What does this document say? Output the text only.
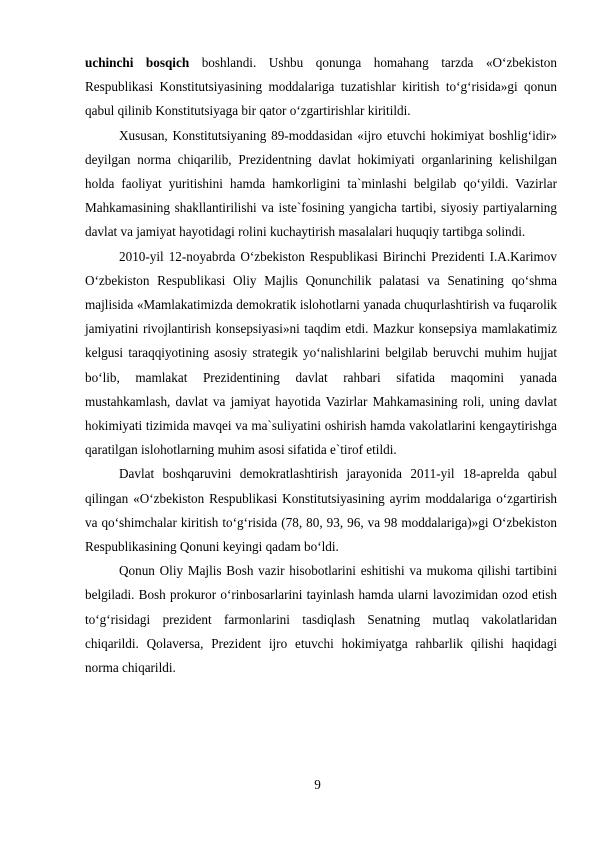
uchinchi bosqich boshlandi. Ushbu qonunga homahang tarzda «O‘zbekiston Respublikasi Konstitutsiyasining moddalariga tuzatishlar kiritish to‘g‘risida»gi qonun qabul qilinib Konstitutsiyaga bir qator o‘zgartirishlar kiritildi.

Xususan, Konstitutsiyaning 89-moddasidan «ijro etuvchi hokimiyat boshlig‘idir» deyilgan norma chiqarilib, Prezidentning davlat hokimiyati organlarining kelishilgan holda faoliyat yuritishini hamda hamkorligini ta`minlashi belgilab qo‘yildi. Vazirlar Mahkamasining shakllantirilishi va iste`fosining yangicha tartibi, siyosiy partiyalarning davlat va jamiyat hayotidagi rolini kuchaytirish masalalari huquqiy tartibga solindi.

2010-yil 12-noyabrda O‘zbekiston Respublikasi Birinchi Prezidenti I.A.Karimov O‘zbekiston Respublikasi Oliy Majlis Qonunchilik palatasi va Senatining qo‘shma majlisida «Mamlakatimizda demokratik islohotlarni yanada chuqurlashtirish va fuqarolik jamiyatini rivojlantirish konsepsiyasi»ni taqdim etdi. Mazkur konsepsiya mamlakatimiz kelgusi taraqqiyotining asosiy strategik yo‘nalishlarini belgilab beruvchi muhim hujjat bo‘lib, mamlakat Prezidentining davlat rahbari sifatida maqomini yanada mustahkamlash, davlat va jamiyat hayotida Vazirlar Mahkamasining roli, uning davlat hokimiyati tizimida mavqei va ma`suliyatini oshirish hamda vakolatlarini kengaytirishga qaratilgan islohotlarning muhim asosi sifatida e`tirof etildi.

Davlat boshqaruvini demokratlashtirish jarayonida 2011-yil 18-aprelda qabul qilingan «O‘zbekiston Respublikasi Konstitutsiyasining ayrim moddalariga o‘zgartirish va qo‘shimchalar kiritish to‘g‘risida (78, 80, 93, 96, va 98 moddalariga)»gi O‘zbekiston Respublikasining Qonuni keyingi qadam bo‘ldi.

Qonun Oliy Majlis Bosh vazir hisobotlarini eshitishi va mukoma qilishi tartibini belgiladi. Bosh prokuror o‘rinbosarlarini tayinlash hamda ularni lavozimidan ozod etish to‘g‘risidagi prezident farmonlarini tasdiqlash Senatning mutlaq vakolatlaridan chiqarildi. Qolaversa, Prezident ijro etuvchi hokimiyatga rahbarlik qilishi haqidagi norma chiqarildi.

9
